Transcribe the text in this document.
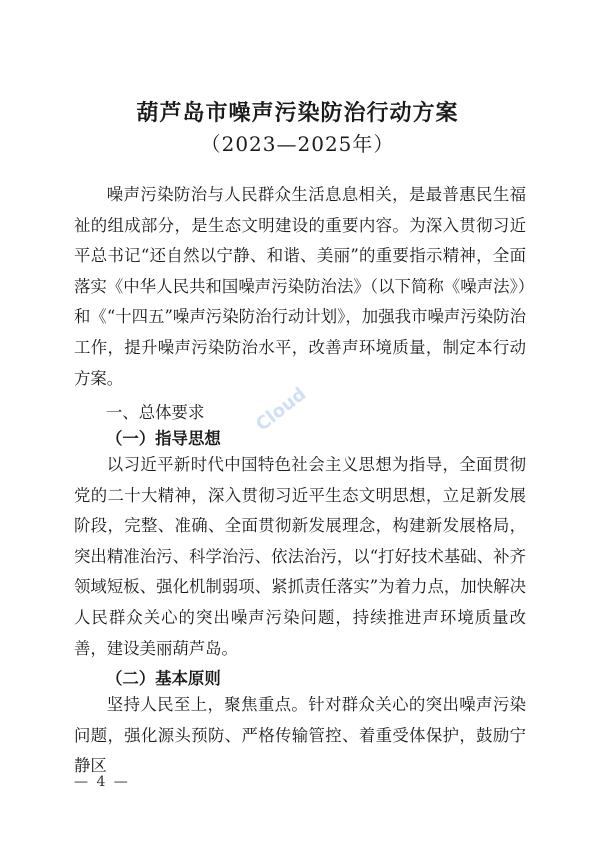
葫芦岛市噪声污染防治行动方案
（2023—2025年）
噪声污染防治与人民群众生活息息相关，是最普惠民生福祉的组成部分，是生态文明建设的重要内容。为深入贯彻习近平总书记“还自然以宁静、和谐、美丽”的重要指示精神，全面落实《中华人民共和国噪声污染防治法》（以下简称《噪声法》）和《“十四五”噪声污染防治行动计划》，加强我市噪声污染防治工作，提升噪声污染防治水平，改善声环境质量，制定本行动方案。
一、总体要求
（一）指导思想
以习近平新时代中国特色社会主义思想为指导，全面贯彻党的二十大精神，深入贯彻习近平生态文明思想，立足新发展阶段，完整、准确、全面贯彻新发展理念，构建新发展格局，突出精准治污、科学治污、依法治污，以“打好技术基础、补齐领域短板、强化机制弱项、紧抓责任落实”为着力点，加快解决人民群众关心的突出噪声污染问题，持续推进声环境质量改善，建设美丽葫芦岛。
（二）基本原则
坚持人民至上，聚焦重点。针对群众关心的突出噪声污染问题，强化源头预防、严格传输管控、着重受体保护，鼓励宁静区
Cloud
— 4 —
